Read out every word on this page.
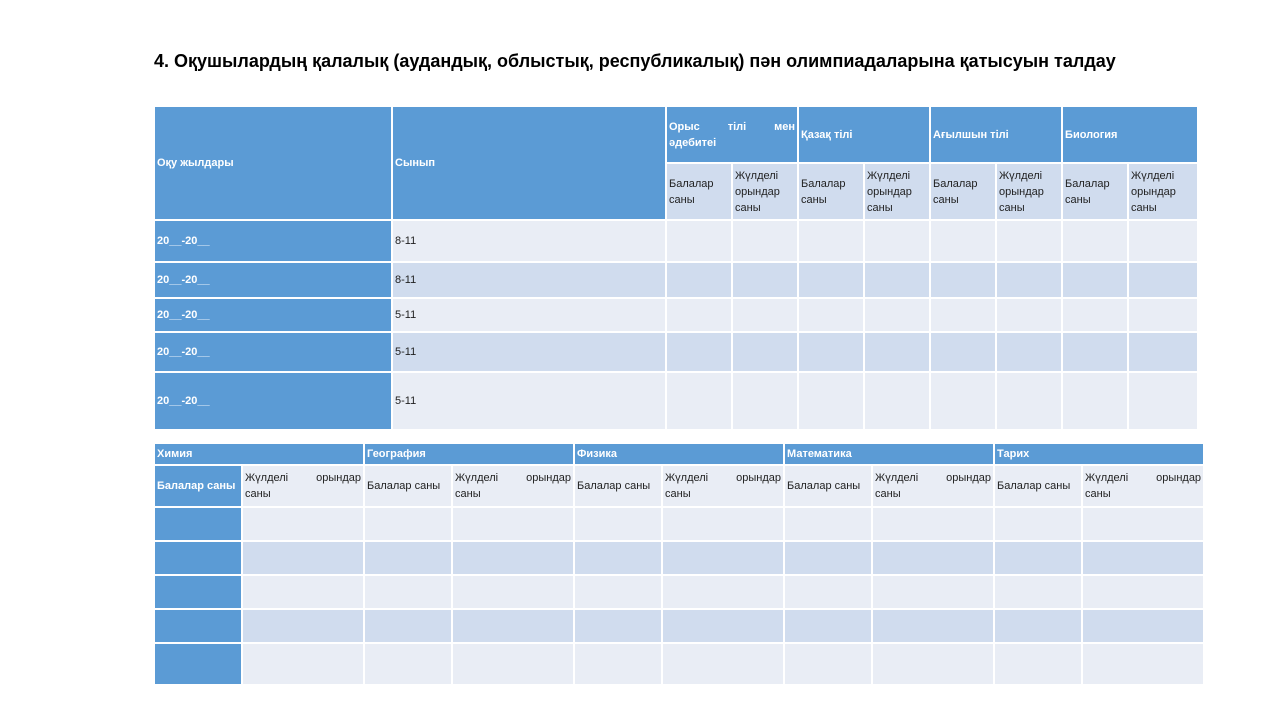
4. Оқушылардың қалалық (аудандық, облыстық, республикалық) пән олимпиадаларына қатысуын талдау
Оқу жылдары	Сынып	Орыс тілі мен әдебитеі		Қазақ тілі		Ағылшын тілі		Биология	
		Балалар саны	Жүлделі орындар саны	Балалар саны	Жүлделі орындар саны	Балалар саны	Жүлделі орындар саны	Балалар саны	Жүлделі орындар саны
20__-20__	8-11								
20__-20__	8-11								
20__-20__	5-11								
20__-20__	5-11								
20__-20__	5-11								
Химия		География		Физика		Математика		Тарих	
Балалар саны	Жүлделі орындар саны	Балалар саны	Жүлделі орындар саны	Балалар саны	Жүлделі орындар саны	Балалар саны	Жүлделі орындар саны	Балалар саны	Жүлделі орындар саны
